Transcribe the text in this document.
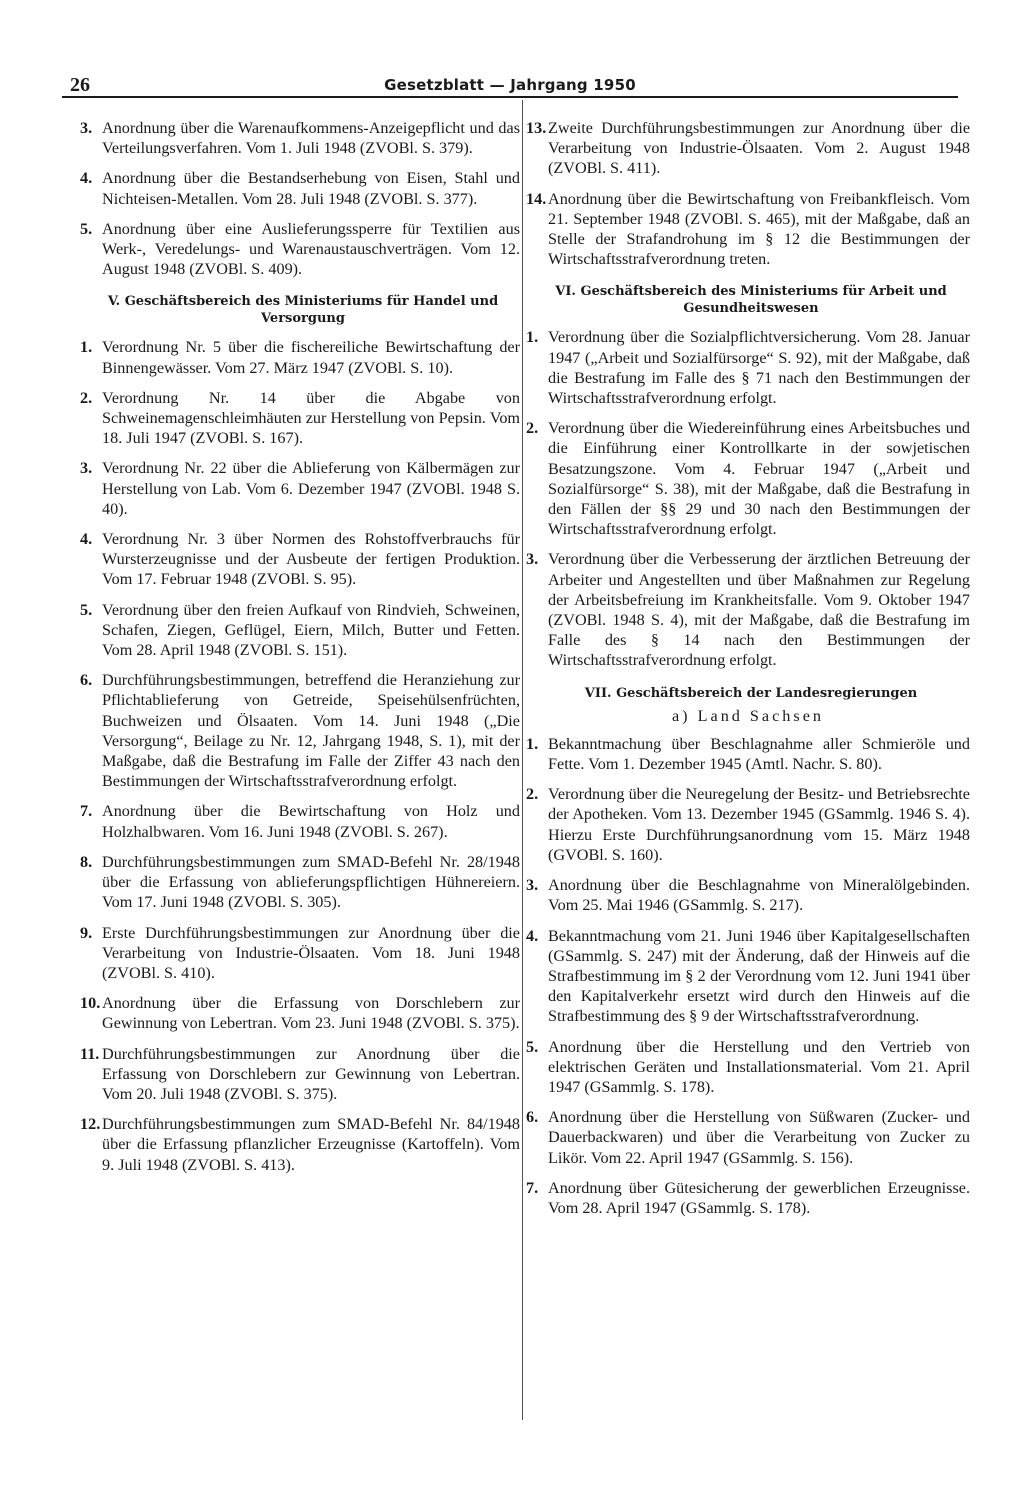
26	Gesetzblatt — Jahrgang 1950
3. Anordnung über die Warenaufkommens-Anzeigepflicht und das Verteilungsverfahren. Vom 1. Juli 1948 (ZVOBl. S. 379).
4. Anordnung über die Bestandserhebung von Eisen, Stahl und Nichteisen-Metallen. Vom 28. Juli 1948 (ZVOBl. S. 377).
5. Anordnung über eine Auslieferungssperre für Textilien aus Werk-, Veredelungs- und Warenaustauschverträgen. Vom 12. August 1948 (ZVOBl. S. 409).
V. Geschäftsbereich des Ministeriums für Handel und Versorgung
1. Verordnung Nr. 5 über die fischereiliche Bewirtschaftung der Binnengewässer. Vom 27. März 1947 (ZVOBl. S. 10).
2. Verordnung Nr. 14 über die Abgabe von Schweinemagenschleimhäuten zur Herstellung von Pepsin. Vom 18. Juli 1947 (ZVOBl. S. 167).
3. Verordnung Nr. 22 über die Ablieferung von Kälbermägen zur Herstellung von Lab. Vom 6. Dezember 1947 (ZVOBl. 1948 S. 40).
4. Verordnung Nr. 3 über Normen des Rohstoffverbrauchs für Wursterzeugnisse und der Ausbeute der fertigen Produktion. Vom 17. Februar 1948 (ZVOBl. S. 95).
5. Verordnung über den freien Aufkauf von Rindvieh, Schweinen, Schafen, Ziegen, Geflügel, Eiern, Milch, Butter und Fetten. Vom 28. April 1948 (ZVOBl. S. 151).
6. Durchführungsbestimmungen, betreffend die Heranziehung zur Pflichtablieferung von Getreide, Speisehülsenfrüchten, Buchweizen und Ölsaaten. Vom 14. Juni 1948 („Die Versorgung“, Beilage zu Nr. 12, Jahrgang 1948, S. 1), mit der Maßgabe, daß die Bestrafung im Falle der Ziffer 43 nach den Bestimmungen der Wirtschaftsstrafverordnung erfolgt.
7. Anordnung über die Bewirtschaftung von Holz und Holzhalbwaren. Vom 16. Juni 1948 (ZVOBl. S. 267).
8. Durchführungsbestimmungen zum SMAD-Befehl Nr. 28/1948 über die Erfassung von ablieferungspflichtigen Hühnereiern. Vom 17. Juni 1948 (ZVOBl. S. 305).
9. Erste Durchführungsbestimmungen zur Anordnung über die Verarbeitung von Industrie-Ölsaaten. Vom 18. Juni 1948 (ZVOBl. S. 410).
10. Anordnung über die Erfassung von Dorschlebern zur Gewinnung von Lebertran. Vom 23. Juni 1948 (ZVOBl. S. 375).
11. Durchführungsbestimmungen zur Anordnung über die Erfassung von Dorschlebern zur Gewinnung von Lebertran. Vom 20. Juli 1948 (ZVOBl. S. 375).
12. Durchführungsbestimmungen zum SMAD-Befehl Nr. 84/1948 über die Erfassung pflanzlicher Erzeugnisse (Kartoffeln). Vom 9. Juli 1948 (ZVOBl. S. 413).
13. Zweite Durchführungsbestimmungen zur Anordnung über die Verarbeitung von Industrie-Ölsaaten. Vom 2. August 1948 (ZVOBl. S. 411).
14. Anordnung über die Bewirtschaftung von Freibankfleisch. Vom 21. September 1948 (ZVOBl. S. 465), mit der Maßgabe, daß an Stelle der Strafandrohung im § 12 die Bestimmungen der Wirtschaftsstrafverordnung treten.
VI. Geschäftsbereich des Ministeriums für Arbeit und Gesundheitswesen
1. Verordnung über die Sozialpflichtversicherung. Vom 28. Januar 1947 („Arbeit und Sozialfürsorge“ S. 92), mit der Maßgabe, daß die Bestrafung im Falle des § 71 nach den Bestimmungen der Wirtschaftsstrafverordnung erfolgt.
2. Verordnung über die Wiedereinführung eines Arbeitsbuches und die Einführung einer Kontrollkarte in der sowjetischen Besatzungszone. Vom 4. Februar 1947 („Arbeit und Sozialfürsorge“ S. 38), mit der Maßgabe, daß die Bestrafung in den Fällen der §§ 29 und 30 nach den Bestimmungen der Wirtschaftsstrafverordnung erfolgt.
3. Verordnung über die Verbesserung der ärztlichen Betreuung der Arbeiter und Angestellten und über Maßnahmen zur Regelung der Arbeitsbefreiung im Krankheitsfalle. Vom 9. Oktober 1947 (ZVOBl. 1948 S. 4), mit der Maßgabe, daß die Bestrafung im Falle des § 14 nach den Bestimmungen der Wirtschaftsstrafverordnung erfolgt.
VII. Geschäftsbereich der Landesregierungen
a) Land Sachsen
1. Bekanntmachung über Beschlagnahme aller Schmieröle und Fette. Vom 1. Dezember 1945 (Amtl. Nachr. S. 80).
2. Verordnung über die Neuregelung der Besitz- und Betriebsrechte der Apotheken. Vom 13. Dezember 1945 (GSammlg. 1946 S. 4). Hierzu Erste Durchführungsanordnung vom 15. März 1948 (GVOBl. S. 160).
3. Anordnung über die Beschlagnahme von Mineralölgebinden. Vom 25. Mai 1946 (GSammlg. S. 217).
4. Bekanntmachung vom 21. Juni 1946 über Kapitalgesellschaften (GSammlg. S. 247) mit der Änderung, daß der Hinweis auf die Strafbestimmung im § 2 der Verordnung vom 12. Juni 1941 über den Kapitalverkehr ersetzt wird durch den Hinweis auf die Strafbestimmung des § 9 der Wirtschaftsstrafverordnung.
5. Anordnung über die Herstellung und den Vertrieb von elektrischen Geräten und Installationsmaterial. Vom 21. April 1947 (GSammlg. S. 178).
6. Anordnung über die Herstellung von Süßwaren (Zucker- und Dauerbackwaren) und über die Verarbeitung von Zucker zu Likör. Vom 22. April 1947 (GSammlg. S. 156).
7. Anordnung über Gütesicherung der gewerblichen Erzeugnisse. Vom 28. April 1947 (GSammlg. S. 178).
